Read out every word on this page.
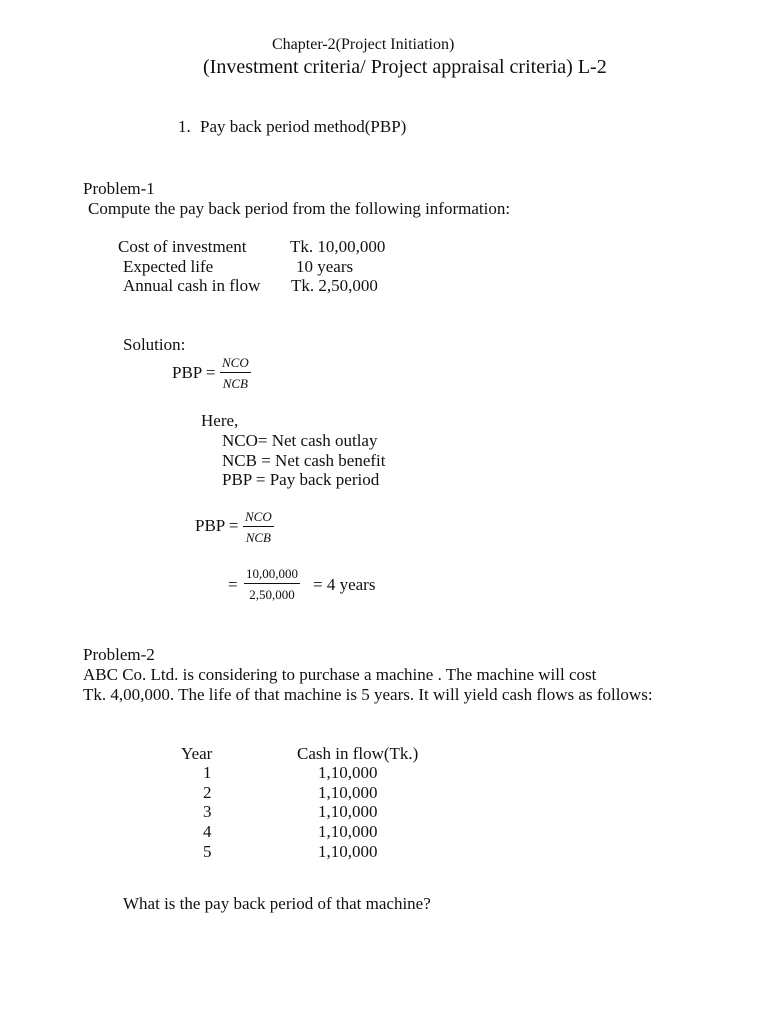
Chapter-2(Project Initiation)
(Investment criteria/ Project appraisal criteria) L-2
1. Pay back period method(PBP)
Problem-1
Compute the pay back period from the following information:
Cost of investment	Tk. 10,00,000
Expected life	10 years
Annual cash in flow Tk. 2,50,000
Solution:
PBP =
NCO
NCB
Here,
NCO= Net cash outlay
NCB = Net cash benefit
PBP = Pay back period
PBP = NCO
NCB
=
10,00,000
2,50,000
= 4 years
Problem-2
ABC Co. Ltd. is considering to purchase a machine . The machine will cost
Tk. 4,00,000. The life of that machine is 5 years. It will yield cash flows as follows:
Year	Cash in flow(Tk.)
1	1,10,000
2	1,10,000
3	1,10,000
4	1,10,000
5	1,10,000
What is the pay back period of that machine?
